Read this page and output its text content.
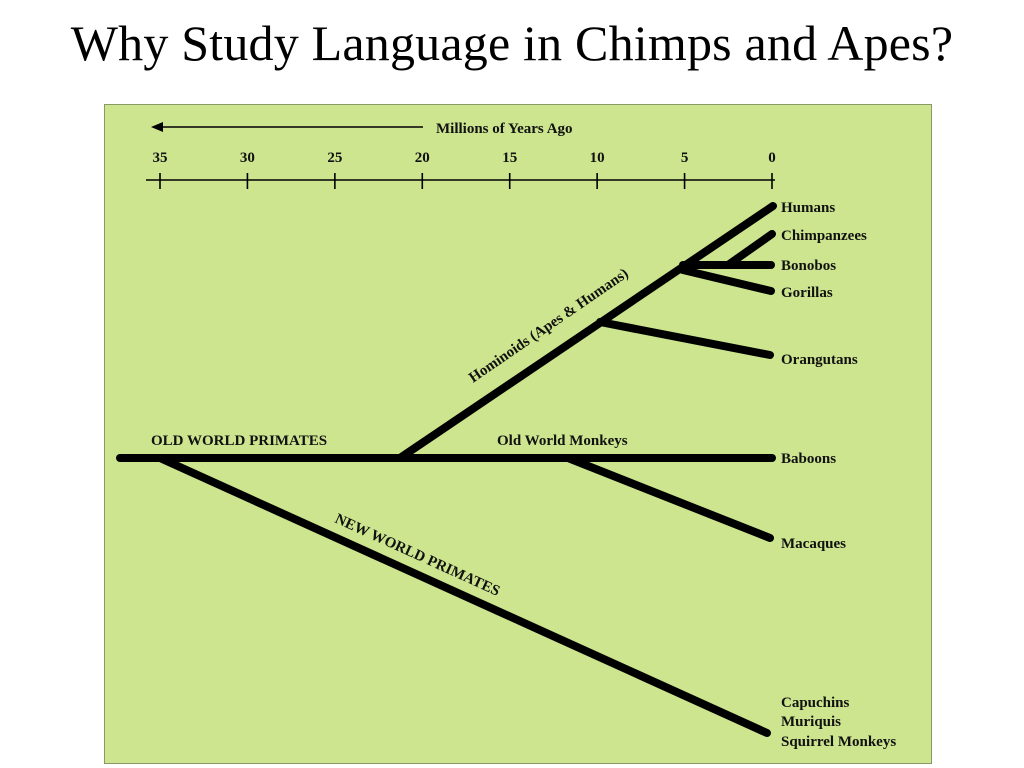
Why Study Language in Chimps and Apes?
Millions of Years Ago
35	30	25	20	15	10	5	0
OLD WORLD PRIMATES	Old World Monkeys
Hominoids (Apes & Humans)
NEW WORLD PRIMATES
Humans
Chimpanzees
Bonobos
Gorillas
Orangutans
Baboons
Macaques
Capuchins
Muriquis
Squirrel Monkeys
